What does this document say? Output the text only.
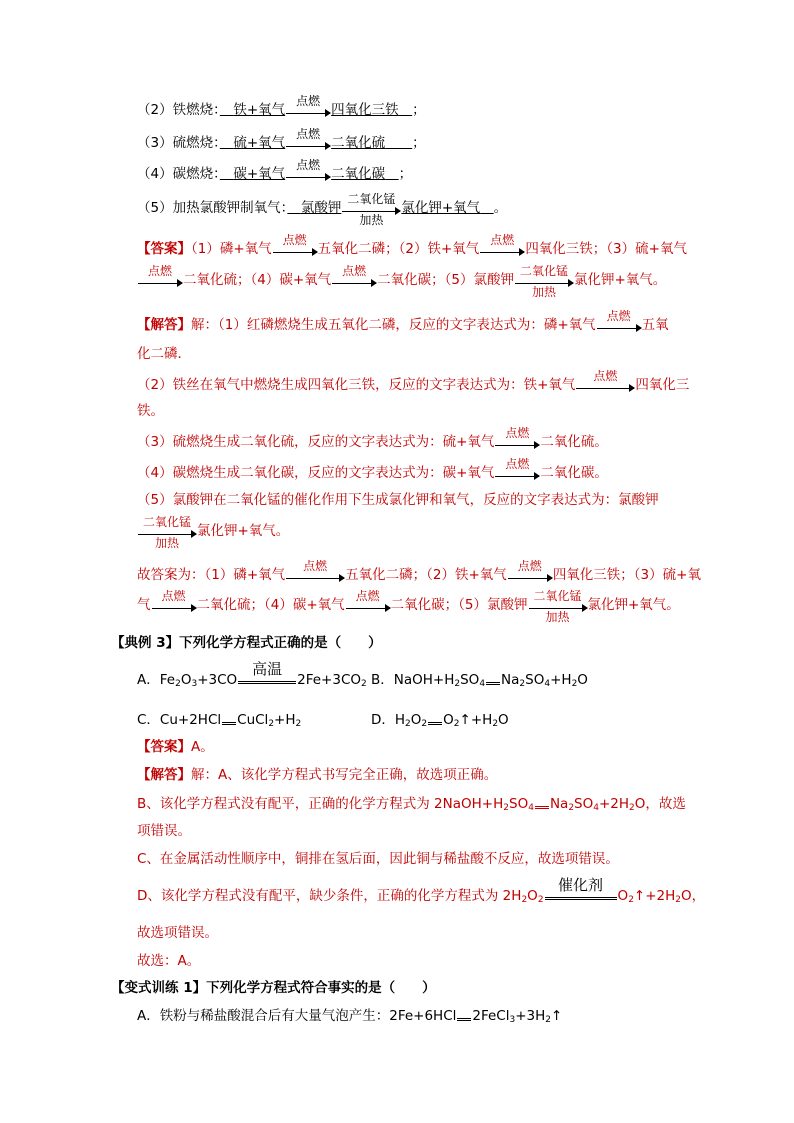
（2）铁燃烧：　 铁+氧气
点燃
四氧化三铁　 ；
（3）硫燃烧：　 硫+氧气
点燃
二氧化硫　　 ；
（4）碳燃烧：　 碳+氧气
点燃
二氧化碳　 ；
（5）加热氯酸钾制氧气：　 氯酸钾
二氧化锰
加热
氯化钾+氧气　 。
【答案】（1）磷+氧气
点燃
五氧化二磷；（2）铁+氧气
点燃
四氧化三铁；（3）硫+氧气
点燃
二氧化硫；（4）碳+氧气
点燃
二氧化碳；（5）氯酸钾
二氧化锰
加热
氯化钾+氧气。
【解答】解：（1）红磷燃烧生成五氧化二磷，反应的文字表达式为：磷+氧气
点燃
五氧
化二磷．
（2）铁丝在氧气中燃烧生成四氧化三铁，反应的文字表达式为：铁+氧气
点燃
四氧化三
铁。
（3）硫燃烧生成二氧化硫，反应的文字表达式为：硫+氧气
点燃
二氧化硫。
（4）碳燃烧生成二氧化碳，反应的文字表达式为：碳+氧气
点燃
二氧化碳。
（5）氯酸钾在二氧化锰的催化作用下生成氯化钾和氧气，反应的文字表达式为：氯酸钾
二氧化锰
加热
氯化钾+氧气。
故答案为：（1）磷+氧气
点燃
五氧化二磷；（2）铁+氧气
点燃
四氧化三铁；（3）硫+氧
气
点燃
二氧化硫；（4）碳+氧气
点燃
二氧化碳；（5）氯酸钾
二氧化锰
加热
氯化钾+氧气。
【典例 3】下列化学方程式正确的是（　　）
A．$Fe_2O_3+3CO$
高温
$2Fe+3CO_2$ B．$NaOH+H_2SO_4$ $Na_2SO_4+H_2O$
C．Cu+2HCl $CuCl_2+H_2$	D．$H_2O_2$ $O_2↑+H_2O$
【答案】A。
【解答】解：A、该化学方程式书写完全正确，故选项正确。
B、该化学方程式没有配平，正确的化学方程式为 $2NaOH+H_2SO_4$ $Na_2SO_4+2H_2O$，故选
项错误。
C、在金属活动性顺序中，铜排在氢后面，因此铜与稀盐酸不反应，故选项错误。
D、该化学方程式没有配平，缺少条件，正确的化学方程式为 $2H_2O_2$
催化剂
$O_2↑+2H_2O$，
故选项错误。
故选：A。
【变式训练 1】下列化学方程式符合事实的是（　　）
A．铁粉与稀盐酸混合后有大量气泡产生：2Fe+6HCl $2FeCl_3+3H_2↑$
